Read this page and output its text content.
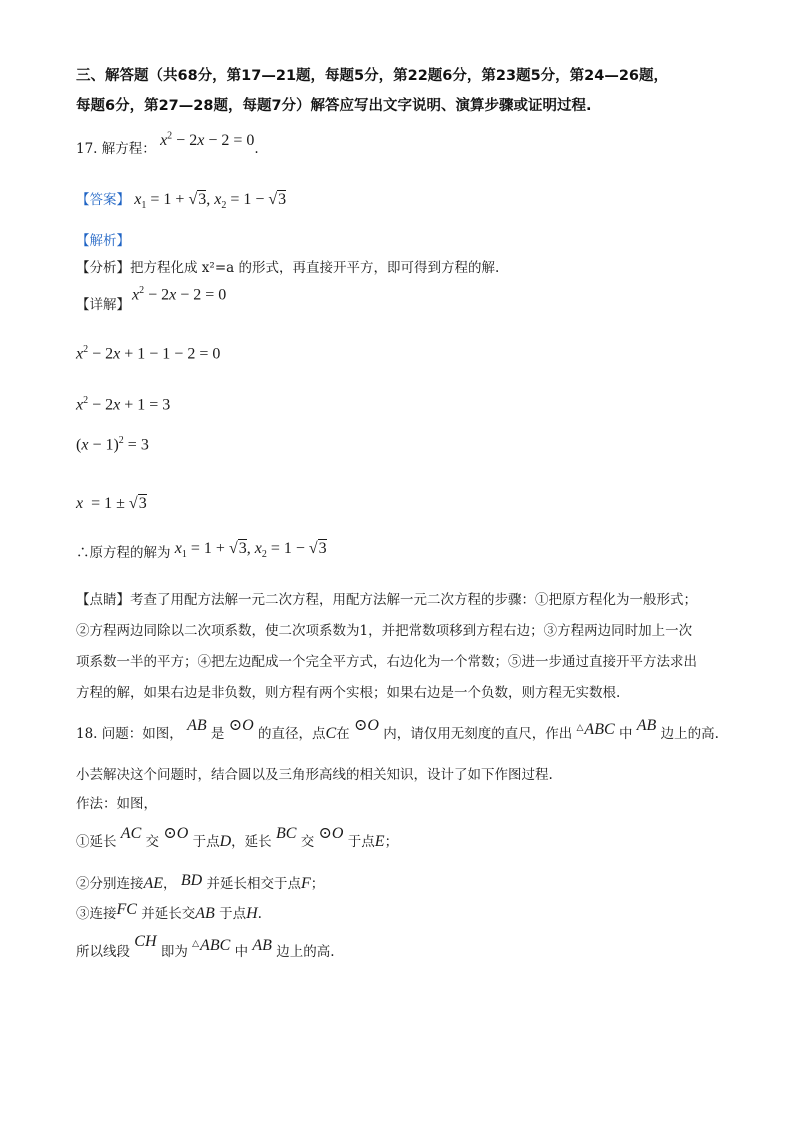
三、解答题（共68分，第17—21题，每题5分，第22题6分，第23题5分，第24—26题，
每题6分，第27—28题，每题7分）解答应写出文字说明、演算步骤或证明过程.
17. 解方程： $x^2 - 2x - 2 = 0$.
【答案】 $x_1 = 1 + √3$, $x_2 = 1 - √3$
【解析】
【分析】把方程化成 x²=a 的形式，再直接开平方，即可得到方程的解.
【详解】
$x^2 - 2x - 2 = 0$
$x^2 - 2x + 1 - 1 - 2 = 0$
$x^2 - 2x + 1 = 3$
$(x - 1)^2 = 3$
x  = 1 ± √3
∴原方程的解为 $x_1 = 1 + √3$, $x_2 = 1 - √3$
【点睛】考查了用配方法解一元二次方程，用配方法解一元二次方程的步骤：①把原方程化为一般形式；
②方程两边同除以二次项系数，使二次项系数为1，并把常数项移到方程右边；③方程两边同时加上一次
项系数一半的平方；④把左边配成一个完全平方式，右边化为一个常数；⑤进一步通过直接开平方法求出
方程的解，如果右边是非负数，则方程有两个实根；如果右边是一个负数，则方程无实数根.
18. 问题：如图， AB 是 ⊙O 的直径，点C在 ⊙O 内，请仅用无刻度的直尺，作出 △ABC 中 AB 边上的高.
小芸解决这个问题时，结合圆以及三角形高线的相关知识，设计了如下作图过程.
作法：如图，
①延长 AC 交 ⊙O 于点D，延长 BC 交 ⊙O 于点E；
②分别连接AE， BD 并延长相交于点F；
③连接FC 并延长交AB 于点H.
所以线段 CH 即为 △ABC 中 AB 边上的高.
